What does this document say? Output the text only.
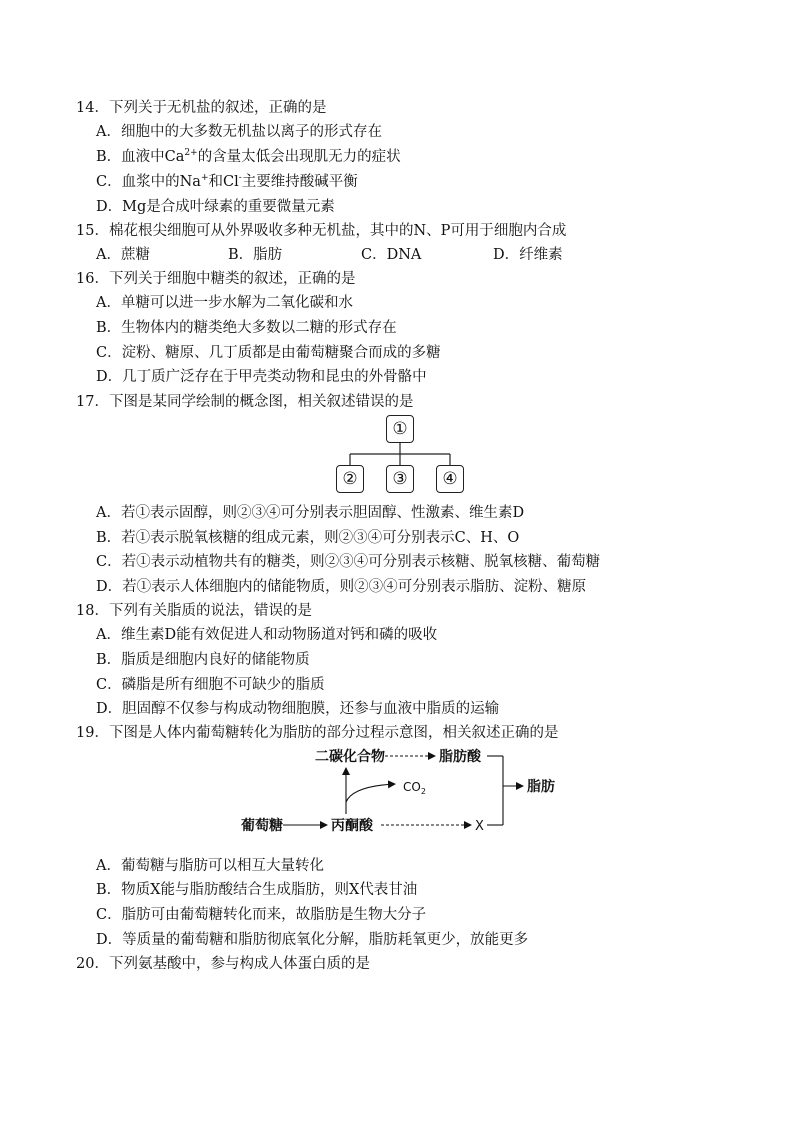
14．下列关于无机盐的叙述，正确的是
A．细胞中的大多数无机盐以离子的形式存在
B．血液中$Ca^{2+}$的含量太低会出现肌无力的症状
C．血浆中的Na+和Cl-主要维持酸碱平衡
D．Mg是合成叶绿素的重要微量元素
15．棉花根尖细胞可从外界吸收多种无机盐，其中的N、P可用于细胞内合成
A．蔗糖	B．脂肪	C．DNA	D．纤维素
16．下列关于细胞中糖类的叙述，正确的是
A．单糖可以进一步水解为二氧化碳和水
B．生物体内的糖类绝大多数以二糖的形式存在
C．淀粉、糖原、几丁质都是由葡萄糖聚合而成的多糖
D．几丁质广泛存在于甲壳类动物和昆虫的外骨骼中
17．下图是某同学绘制的概念图，相关叙述错误的是
①
②	③	④
A．若①表示固醇，则②③④可分别表示胆固醇、性激素、维生素D
B．若①表示脱氧核糖的组成元素，则②③④可分别表示C、H、O
C．若①表示动植物共有的糖类，则②③④可分别表示核糖、脱氧核糖、葡萄糖
D．若①表示人体细胞内的储能物质，则②③④可分别表示脂肪、淀粉、糖原
18．下列有关脂质的说法，错误的是
A．维生素D能有效促进人和动物肠道对钙和磷的吸收
B．脂质是细胞内良好的储能物质
C．磷脂是所有细胞不可缺少的脂质
D．胆固醇不仅参与构成动物细胞膜，还参与血液中脂质的运输
19．下图是人体内葡萄糖转化为脂肪的部分过程示意图，相关叙述正确的是
二碳化合物	脂肪酸
葡萄糖	丙酮酸
$CO_2$
X
脂肪
A．葡萄糖与脂肪可以相互大量转化
B．物质X能与脂肪酸结合生成脂肪，则X代表甘油
C．脂肪可由葡萄糖转化而来，故脂肪是生物大分子
D．等质量的葡萄糖和脂肪彻底氧化分解，脂肪耗氧更少，放能更多
20．下列氨基酸中，参与构成人体蛋白质的是
